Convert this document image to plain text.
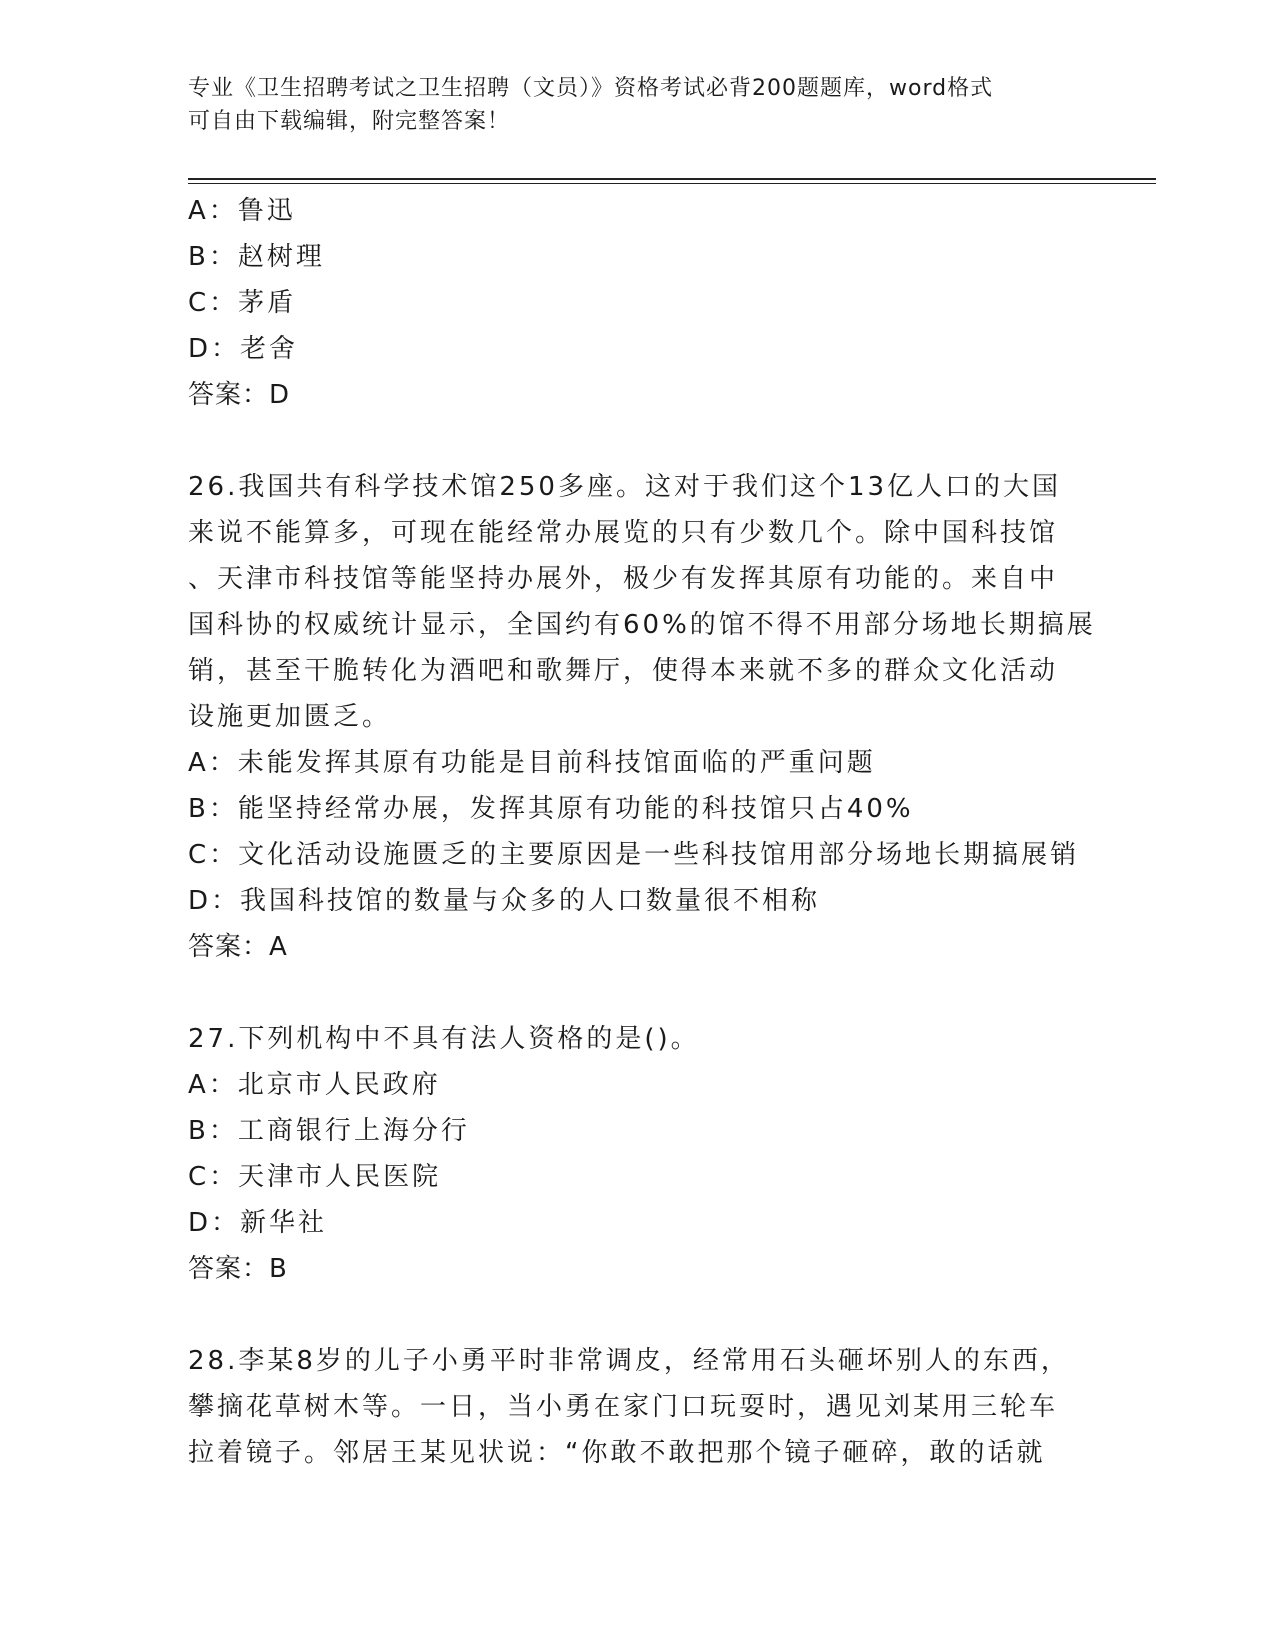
专业《卫生招聘考试之卫生招聘（文员）》资格考试必背200题题库，word格式
可自由下载编辑，附完整答案！
A：鲁迅
B：赵树理
C：茅盾
D：老舍
答案：D
26.我国共有科学技术馆250多座。这对于我们这个13亿人口的大国
来说不能算多，可现在能经常办展览的只有少数几个。除中国科技馆
、天津市科技馆等能坚持办展外，极少有发挥其原有功能的。来自中
国科协的权威统计显示，全国约有60%的馆不得不用部分场地长期搞展
销，甚至干脆转化为酒吧和歌舞厅，使得本来就不多的群众文化活动
设施更加匮乏。
A：未能发挥其原有功能是目前科技馆面临的严重问题
B：能坚持经常办展，发挥其原有功能的科技馆只占40%
C：文化活动设施匮乏的主要原因是一些科技馆用部分场地长期搞展销
D：我国科技馆的数量与众多的人口数量很不相称
答案：A
27.下列机构中不具有法人资格的是()。
A：北京市人民政府
B：工商银行上海分行
C：天津市人民医院
D：新华社
答案：B
28.李某8岁的儿子小勇平时非常调皮，经常用石头砸坏别人的东西，
攀摘花草树木等。一日，当小勇在家门口玩耍时，遇见刘某用三轮车
拉着镜子。邻居王某见状说：“你敢不敢把那个镜子砸碎，敢的话就
